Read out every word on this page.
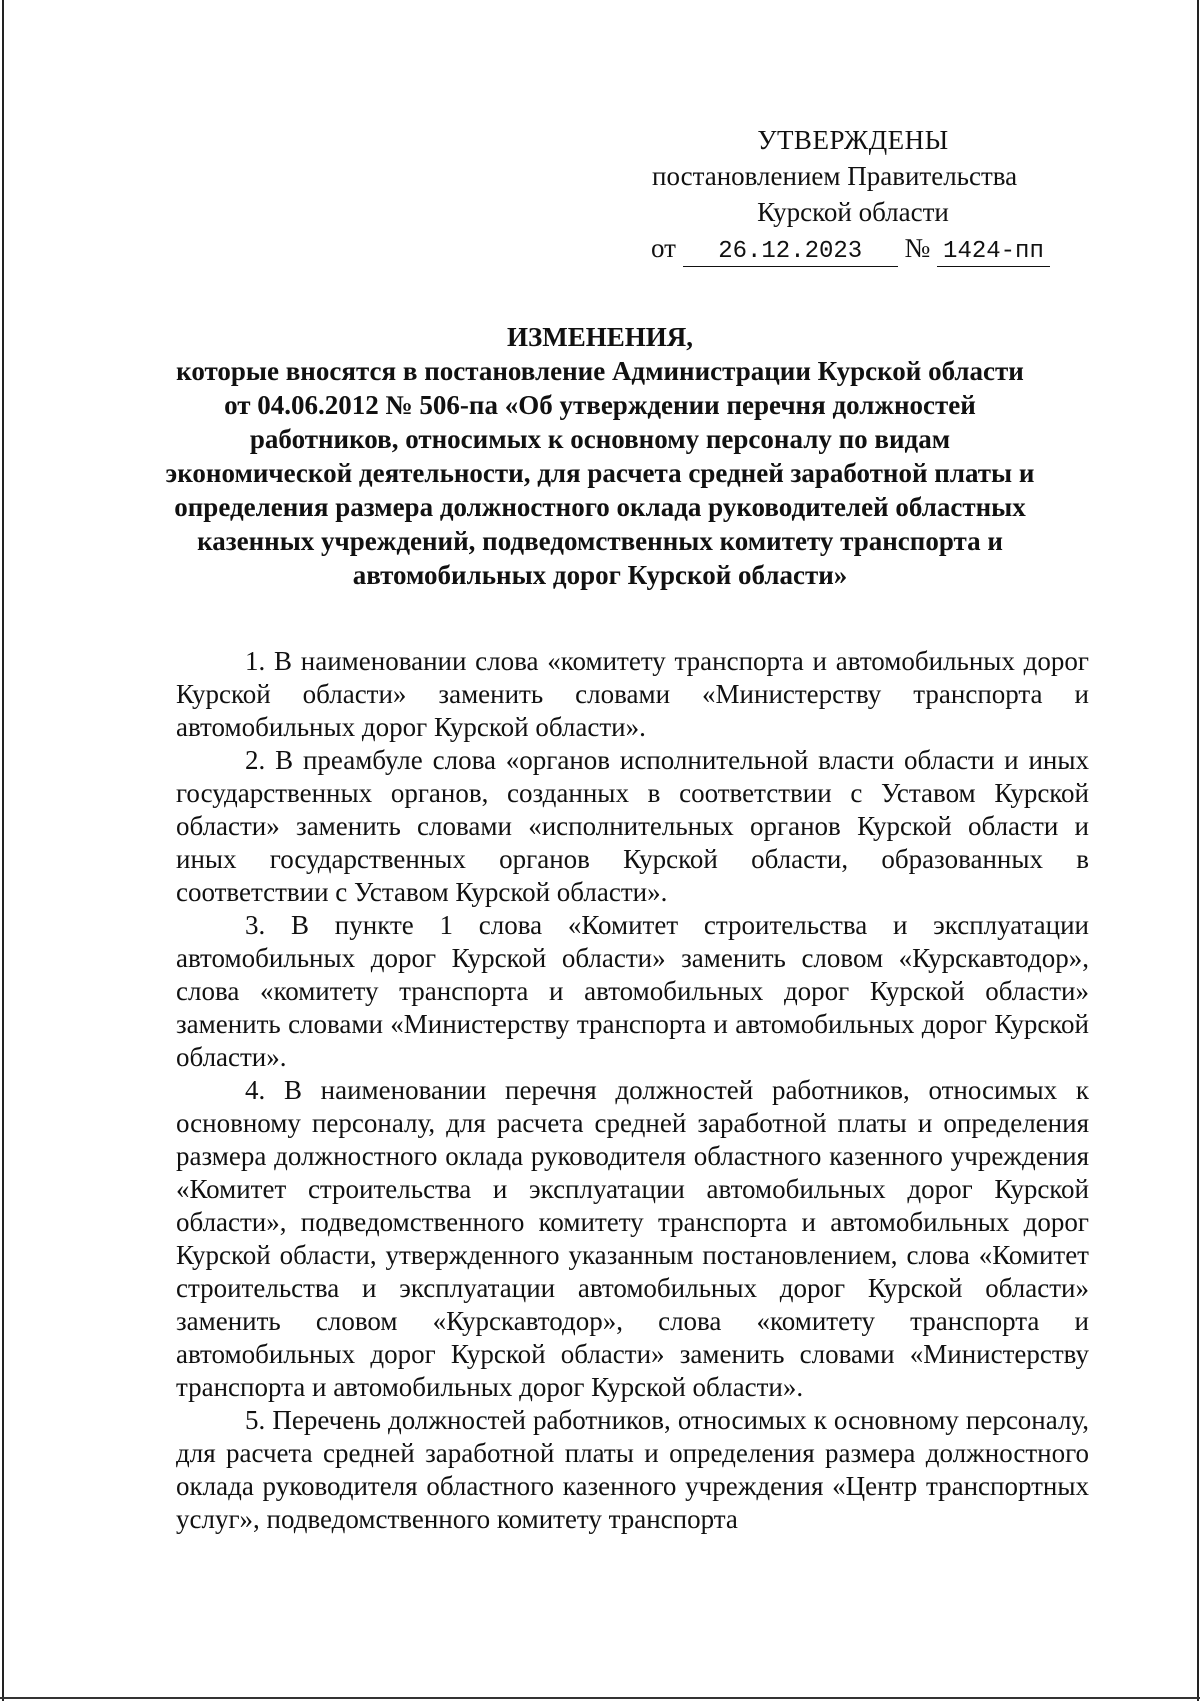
УТВЕРЖДЕНЫ
постановлением Правительства
Курской области
от 26.12.2023 № 1424-пп
ИЗМЕНЕНИЯ,
которые вносятся в постановление Администрации Курской области
от 04.06.2012 № 506-па «Об утверждении перечня должностей
работников, относимых к основному персоналу по видам
экономической деятельности, для расчета средней заработной платы и
определения размера должностного оклада руководителей областных
казенных учреждений, подведомственных комитету транспорта и
автомобильных дорог Курской области»

1. В наименовании слова «комитету транспорта и автомобильных дорог Курской области» заменить словами «Министерству транспорта и автомобильных дорог Курской области».

2. В преамбуле слова «органов исполнительной власти области и иных государственных органов, созданных в соответствии с Уставом Курской области» заменить словами «исполнительных органов Курской области и иных государственных органов Курской области, образованных в соответствии с Уставом Курской области».

3. В пункте 1 слова «Комитет строительства и эксплуатации автомобильных дорог Курской области» заменить словом «Курскавтодор», слова «комитету транспорта и автомобильных дорог Курской области» заменить словами «Министерству транспорта и автомобильных дорог Курской области».

4. В наименовании перечня должностей работников, относимых к основному персоналу, для расчета средней заработной платы и определения размера должностного оклада руководителя областного казенного учреждения «Комитет строительства и эксплуатации автомобильных дорог Курской области», подведомственного комитету транспорта и автомобильных дорог Курской области, утвержденного указанным постановлением, слова «Комитет строительства и эксплуатации автомобильных дорог Курской области» заменить словом «Курскавтодор», слова «комитету транспорта и автомобильных дорог Курской области» заменить словами «Министерству транспорта и автомобильных дорог Курской области».

5. Перечень должностей работников, относимых к основному персоналу, для расчета средней заработной платы и определения размера должностного оклада руководителя областного казенного учреждения «Центр транспортных услуг», подведомственного комитету транспорта
